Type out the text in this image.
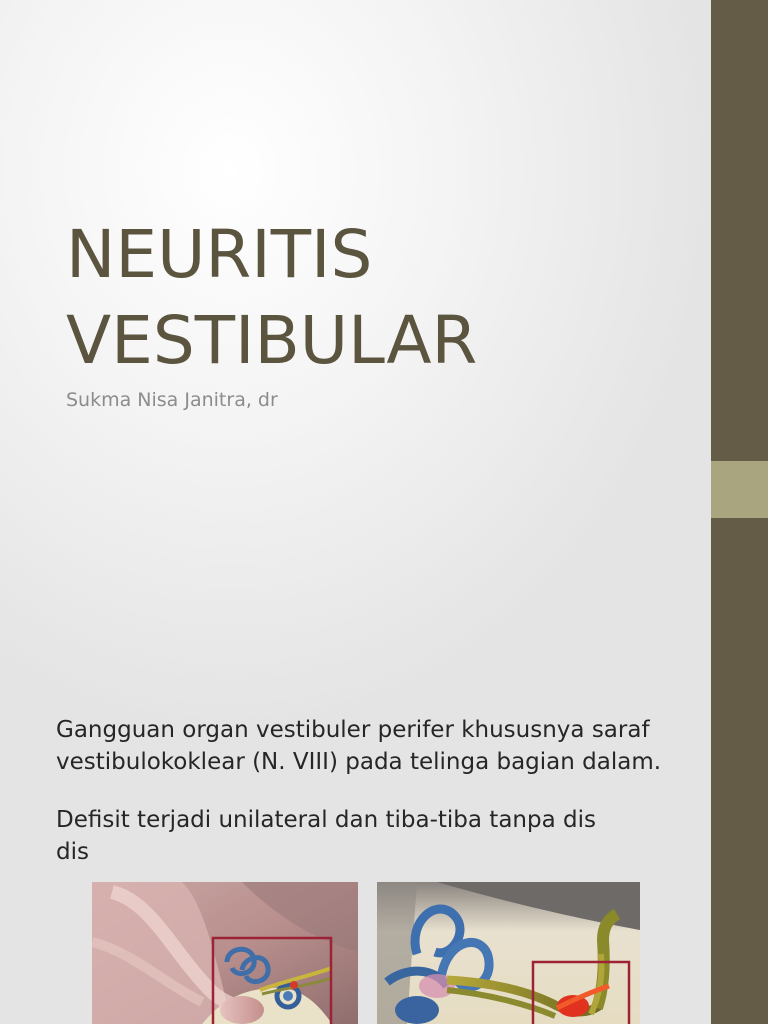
NEURITIS
VESTIBULAR
Sukma Nisa Janitra, dr

Gangguan organ vestibuler perifer khususnya saraf vestibulokoklear (N. VIII) pada telinga bagian dalam.

Defisit terjadi unilateral dan tiba-tiba tanpa dis
dis
